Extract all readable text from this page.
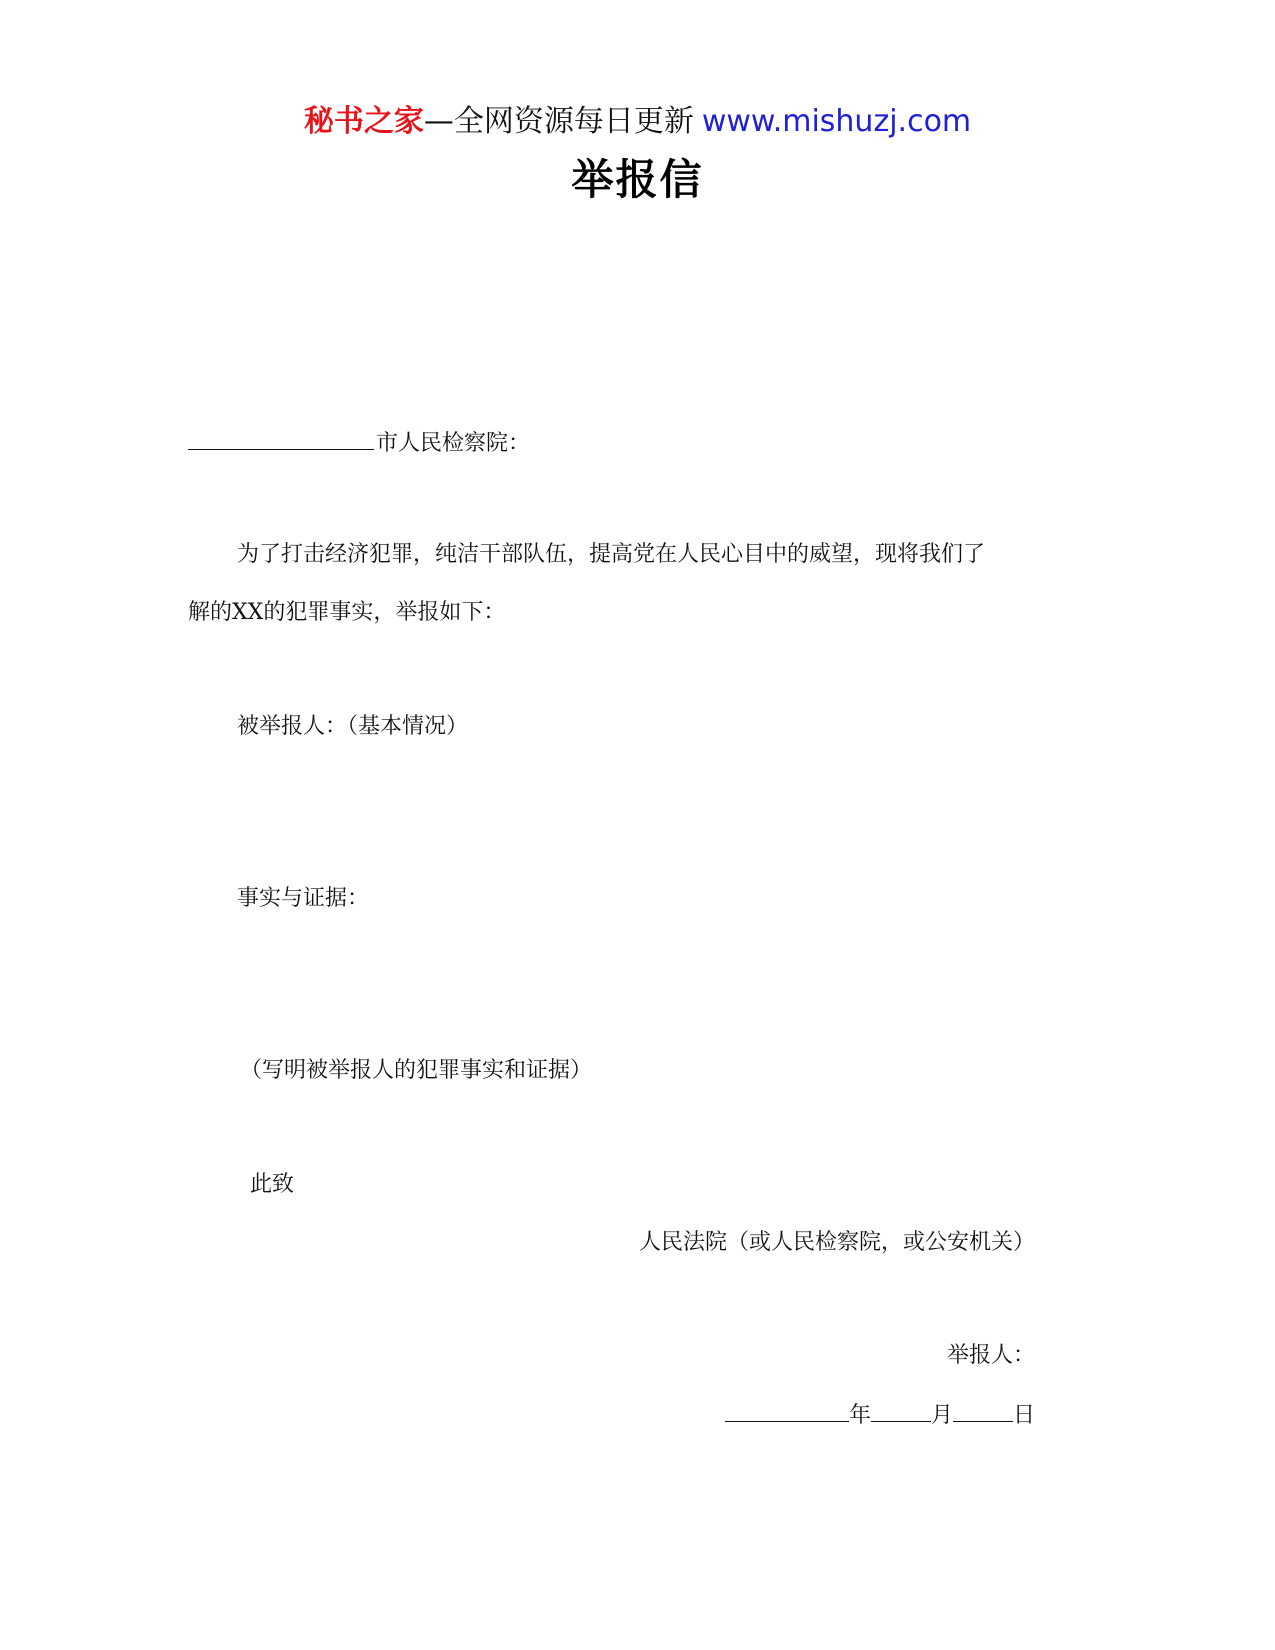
秘书之家—全网资源每日更新 www.mishuzj.com
举报信
市人民检察院：
为了打击经济犯罪，纯洁干部队伍，提高党在人民心目中的威望，现将我们了
解的XX的犯罪事实，举报如下：
被举报人：（基本情况）
事实与证据：
（写明被举报人的犯罪事实和证据）
此致
人民法院（或人民检察院，或公安机关）
举报人：
年	月	日
